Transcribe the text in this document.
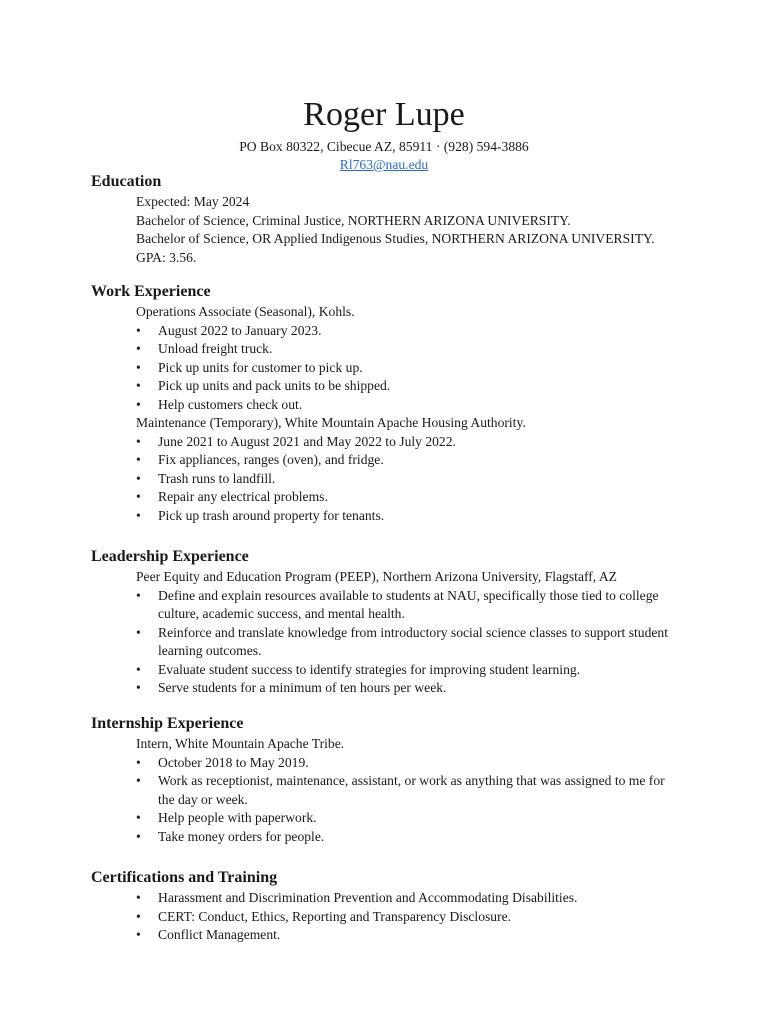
Roger Lupe
PO Box 80322, Cibecue AZ, 85911 · (928) 594-3886
Rl763@nau.edu
Education
Expected: May 2024
Bachelor of Science, Criminal Justice, NORTHERN ARIZONA UNIVERSITY.
Bachelor of Science, OR Applied Indigenous Studies, NORTHERN ARIZONA UNIVERSITY.
GPA: 3.56.
Work Experience
Operations Associate (Seasonal), Kohls.
•	August 2022 to January 2023.
•	Unload freight truck.
•	Pick up units for customer to pick up.
•	Pick up units and pack units to be shipped.
•	Help customers check out.
Maintenance (Temporary), White Mountain Apache Housing Authority.
•	June 2021 to August 2021 and May 2022 to July 2022.
•	Fix appliances, ranges (oven), and fridge.
•	Trash runs to landfill.
•	Repair any electrical problems.
•	Pick up trash around property for tenants.
Leadership Experience
Peer Equity and Education Program (PEEP), Northern Arizona University, Flagstaff, AZ
•	Define and explain resources available to students at NAU, specifically those tied to college culture, academic success, and mental health.
•	Reinforce and translate knowledge from introductory social science classes to support student learning outcomes.
•	Evaluate student success to identify strategies for improving student learning.
•	Serve students for a minimum of ten hours per week.
Internship Experience
Intern, White Mountain Apache Tribe.
•	October 2018 to May 2019.
•	Work as receptionist, maintenance, assistant, or work as anything that was assigned to me for the day or week.
•	Help people with paperwork.
•	Take money orders for people.
Certifications and Training
•	Harassment and Discrimination Prevention and Accommodating Disabilities.
•	CERT: Conduct, Ethics, Reporting and Transparency Disclosure.
•	Conflict Management.
